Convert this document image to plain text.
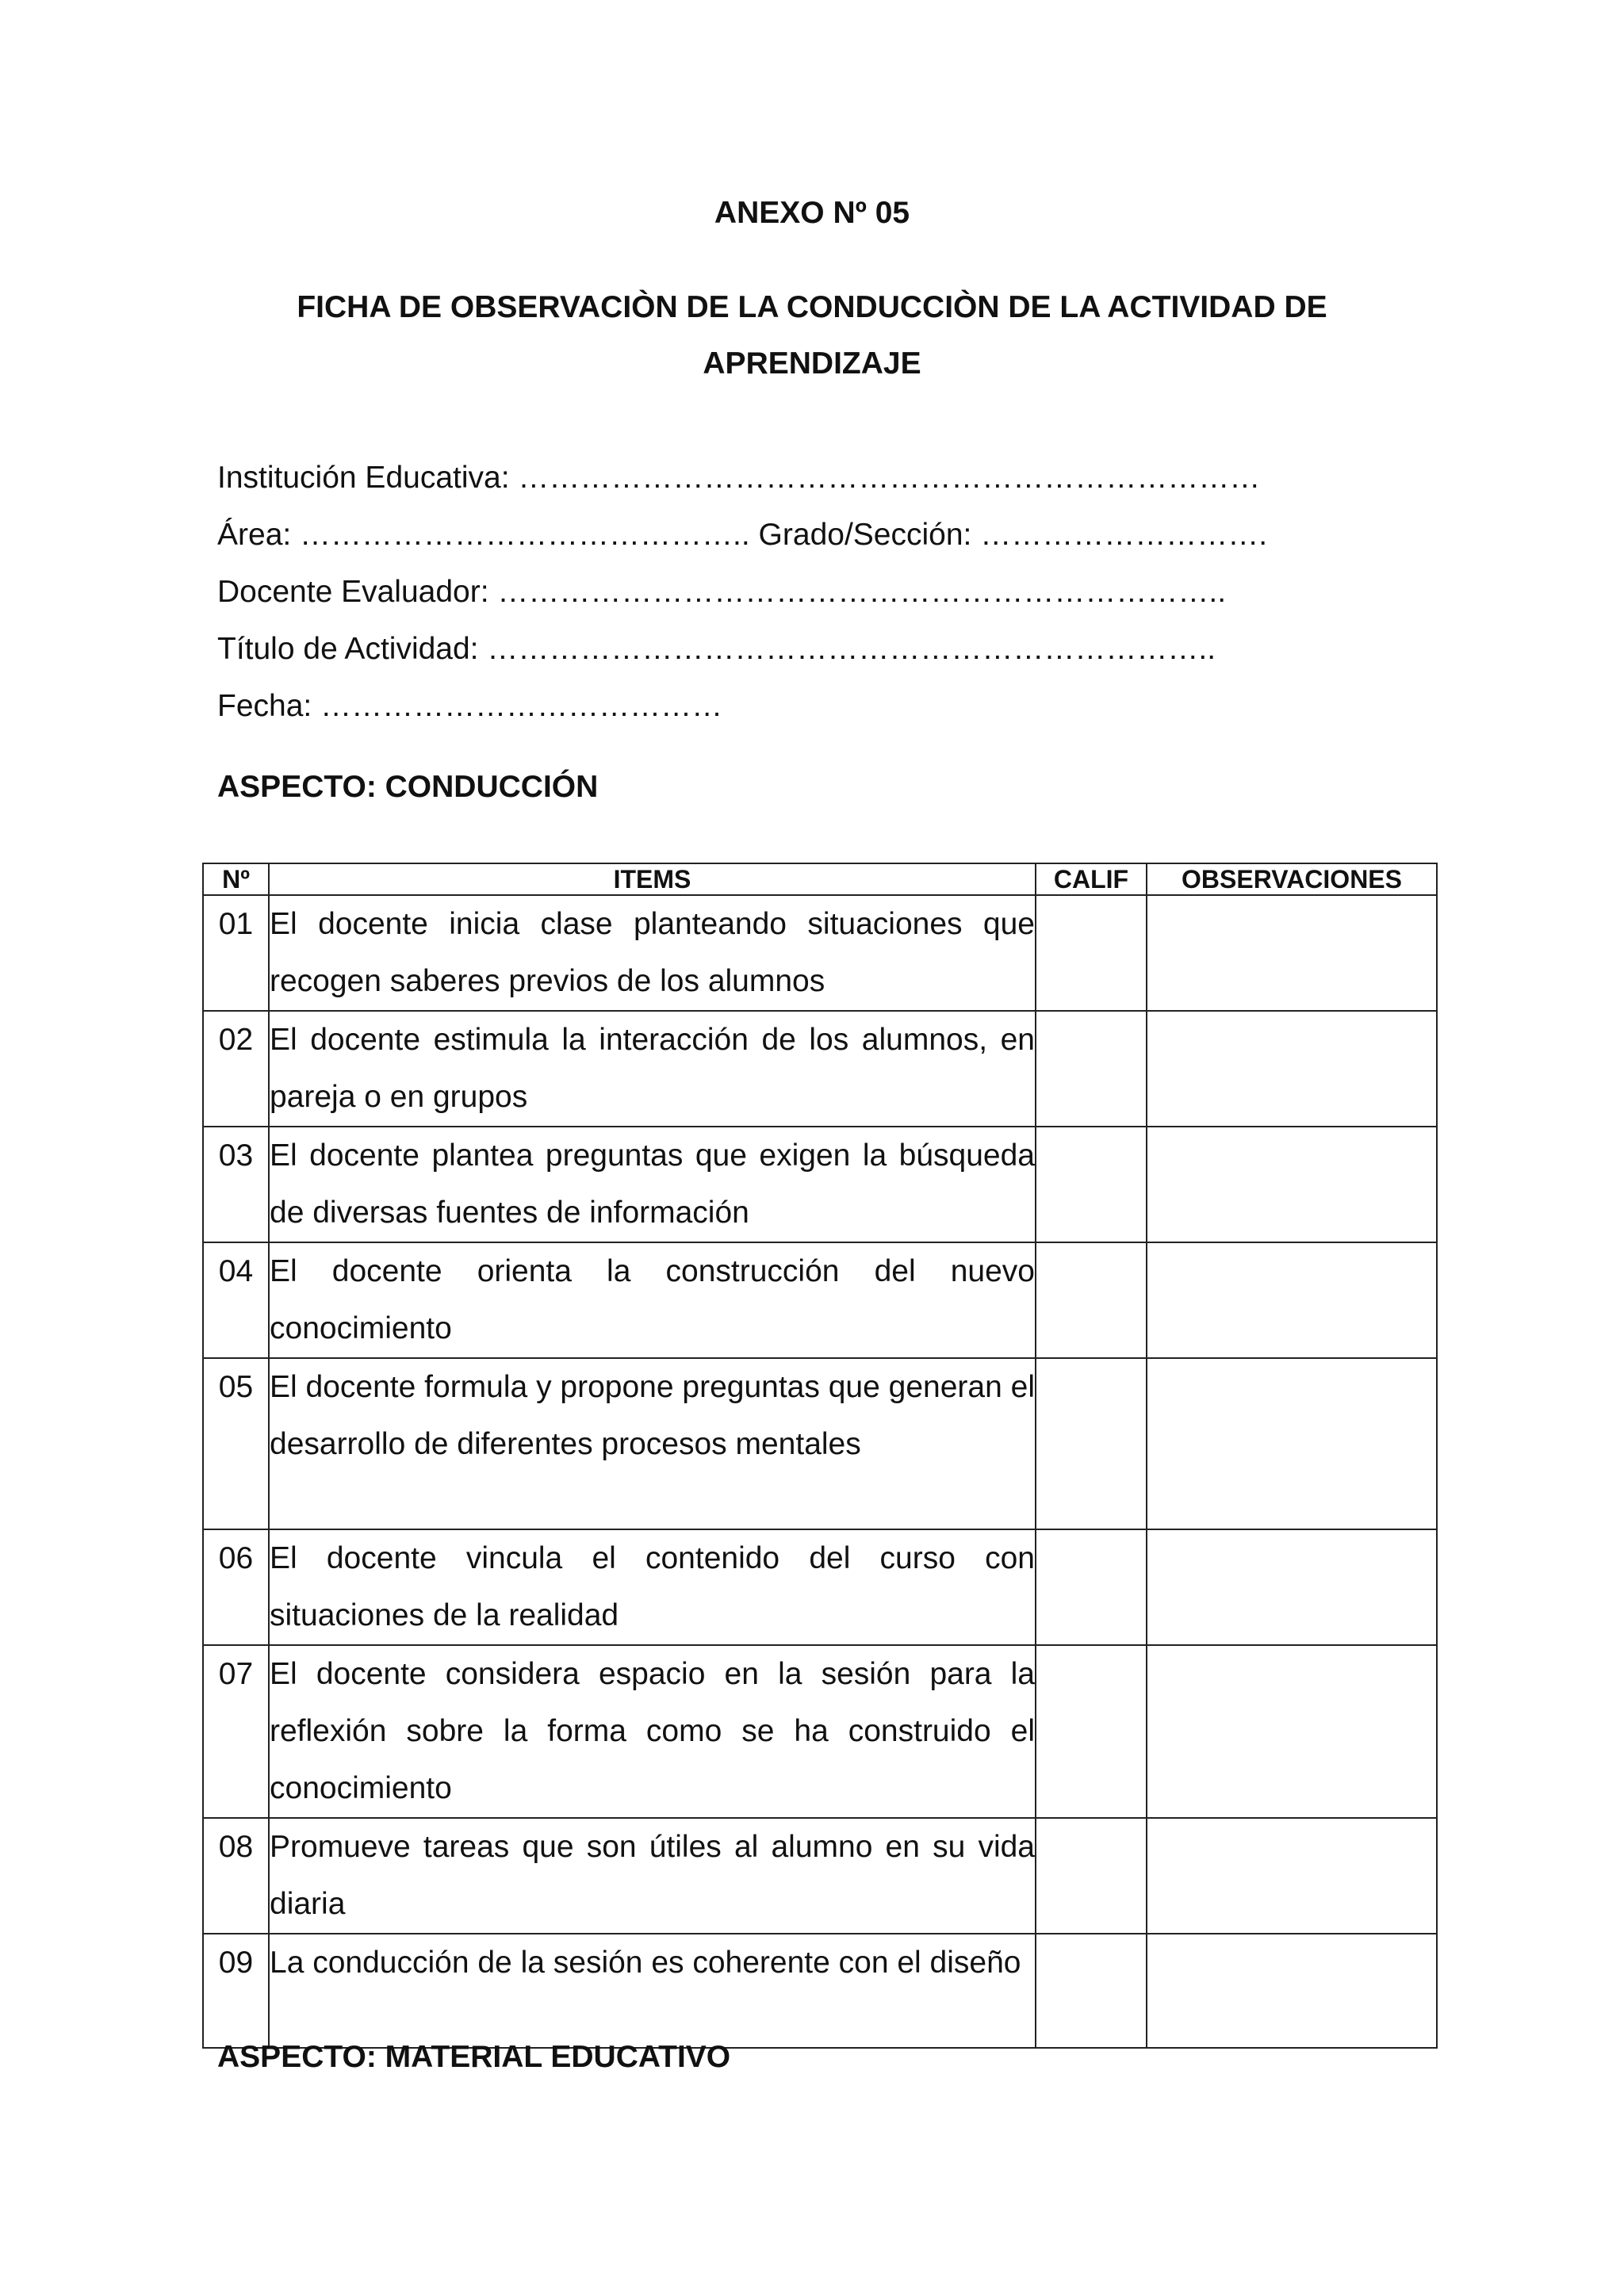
ANEXO Nº 05
FICHA DE OBSERVACIÒN DE LA CONDUCCIÒN DE LA ACTIVIDAD DE
APRENDIZAJE
Institución Educativa: ………………………………………………………………
Área: …………………………………….. Grado/Sección: ……………………….
Docente Evaluador: ……………………………………………………………..
Título de Actividad: ……………………………………………………………..
Fecha: …………………………………
ASPECTO: CONDUCCIÓN
Nº	ITEMS	CALIF	OBSERVACIONES
01	El docente inicia clase planteando situaciones que recogen saberes previos de los alumnos		
02	El docente estimula la interacción de los alumnos, en pareja o en grupos		
03	El docente plantea preguntas que exigen la búsqueda de diversas fuentes de información		
04	El docente orienta la construcción del nuevo conocimiento		
05	El docente formula y propone preguntas que generan el desarrollo de diferentes procesos mentales		
06	El docente vincula el contenido del curso con situaciones de la realidad		
07	El docente considera espacio en la sesión para la reflexión sobre la forma como se ha construido el conocimiento		
08	Promueve tareas que son útiles al alumno en su vida diaria		
09	La conducción de la sesión es coherente con el diseño		
ASPECTO: MATERIAL EDUCATIVO
